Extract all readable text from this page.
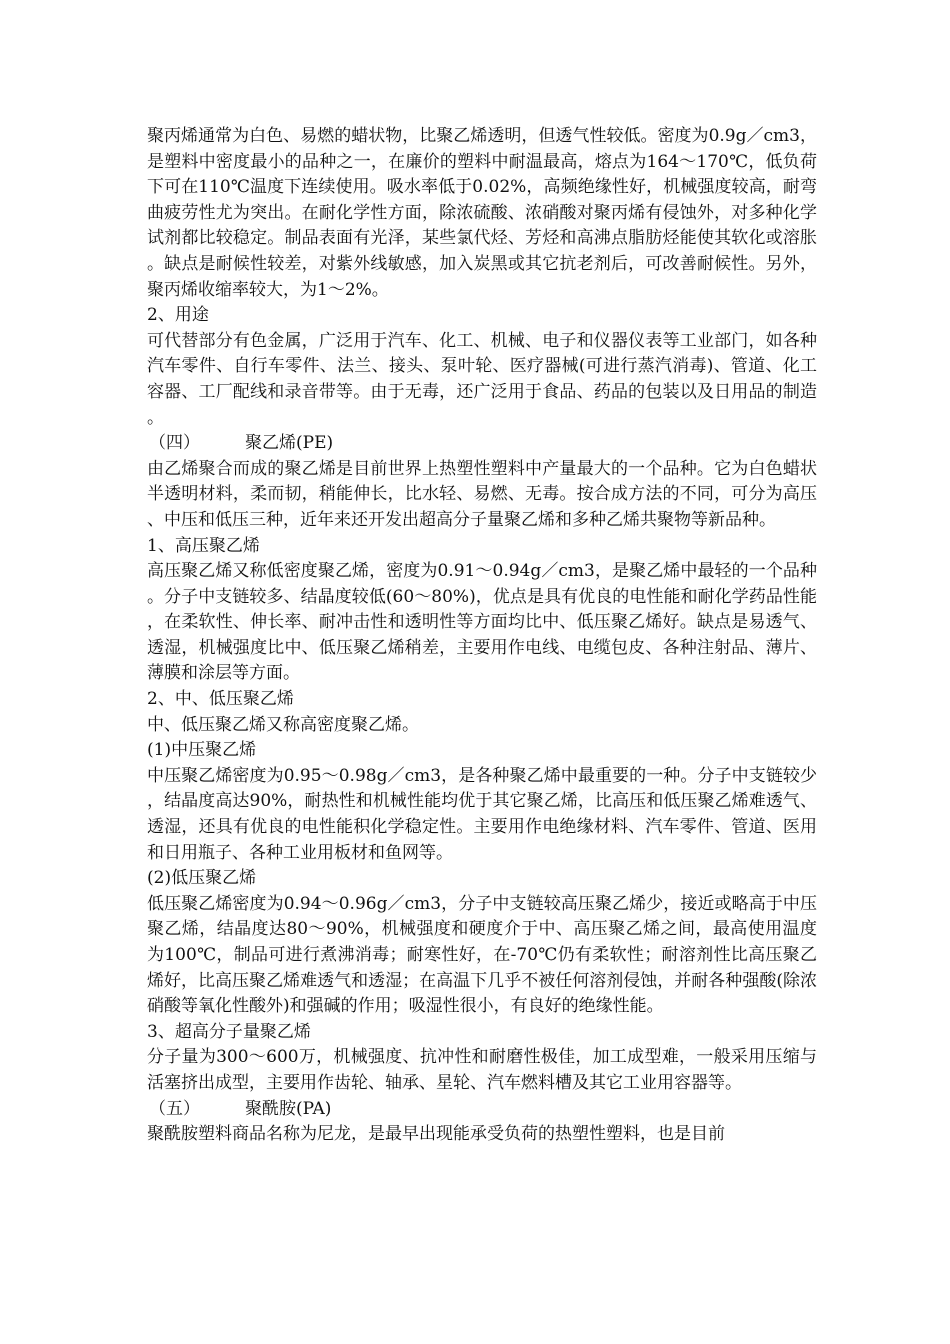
聚丙烯通常为白色、易燃的蜡状物，比聚乙烯透明，但透气性较低。密度为0.9g／cm3，是塑料中密度最小的品种之一，在廉价的塑料中耐温最高，熔点为164～170℃，低负荷下可在110℃温度下连续使用。吸水率低于0.02%，高频绝缘性好，机械强度较高，耐弯曲疲劳性尤为突出。在耐化学性方面，除浓硫酸、浓硝酸对聚丙烯有侵蚀外，对多种化学试剂都比较稳定。制品表面有光泽，某些氯代烃、芳烃和高沸点脂肪烃能使其软化或溶胀。缺点是耐候性较差，对紫外线敏感，加入炭黑或其它抗老剂后，可改善耐候性。另外，聚丙烯收缩率较大，为1～2%。

2、用途

可代替部分有色金属，广泛用于汽车、化工、机械、电子和仪器仪表等工业部门，如各种汽车零件、自行车零件、法兰、接头、泵叶轮、医疗器械(可进行蒸汽消毒)、管道、化工容器、工厂配线和录音带等。由于无毒，还广泛用于食品、药品的包装以及日用品的制造。

（四）	聚乙烯(PE)

由乙烯聚合而成的聚乙烯是目前世界上热塑性塑料中产量最大的一个品种。它为白色蜡状半透明材料，柔而韧，稍能伸长，比水轻、易燃、无毒。按合成方法的不同，可分为高压、中压和低压三种，近年来还开发出超高分子量聚乙烯和多种乙烯共聚物等新品种。

1、高压聚乙烯

高压聚乙烯又称低密度聚乙烯，密度为0.91～0.94g／cm3，是聚乙烯中最轻的一个品种。分子中支链较多、结晶度较低(60～80%)，优点是具有优良的电性能和耐化学药品性能，在柔软性、伸长率、耐冲击性和透明性等方面均比中、低压聚乙烯好。缺点是易透气、透湿，机械强度比中、低压聚乙烯稍差，主要用作电线、电缆包皮、各种注射品、薄片、薄膜和涂层等方面。

2、中、低压聚乙烯

中、低压聚乙烯又称高密度聚乙烯。

(1)中压聚乙烯

中压聚乙烯密度为0.95～0.98g／cm3，是各种聚乙烯中最重要的一种。分子中支链较少，结晶度高达90%，耐热性和机械性能均优于其它聚乙烯，比高压和低压聚乙烯难透气、透湿，还具有优良的电性能积化学稳定性。主要用作电绝缘材料、汽车零件、管道、医用和日用瓶子、各种工业用板材和鱼网等。

(2)低压聚乙烯

低压聚乙烯密度为0.94～0.96g／cm3，分子中支链较高压聚乙烯少，接近或略高于中压聚乙烯，结晶度达80～90%，机械强度和硬度介于中、高压聚乙烯之间，最高使用温度为100℃，制品可进行煮沸消毒；耐寒性好，在-70℃仍有柔软性；耐溶剂性比高压聚乙烯好，比高压聚乙烯难透气和透湿；在高温下几乎不被任何溶剂侵蚀，并耐各种强酸(除浓硝酸等氧化性酸外)和强碱的作用；吸湿性很小，有良好的绝缘性能。

3、超高分子量聚乙烯

分子量为300～600万，机械强度、抗冲性和耐磨性极佳，加工成型难，一般采用压缩与活塞挤出成型，主要用作齿轮、轴承、星轮、汽车燃料槽及其它工业用容器等。

（五）	聚酰胺(PA)

聚酰胺塑料商品名称为尼龙，是最早出现能承受负荷的热塑性塑料，也是目前
